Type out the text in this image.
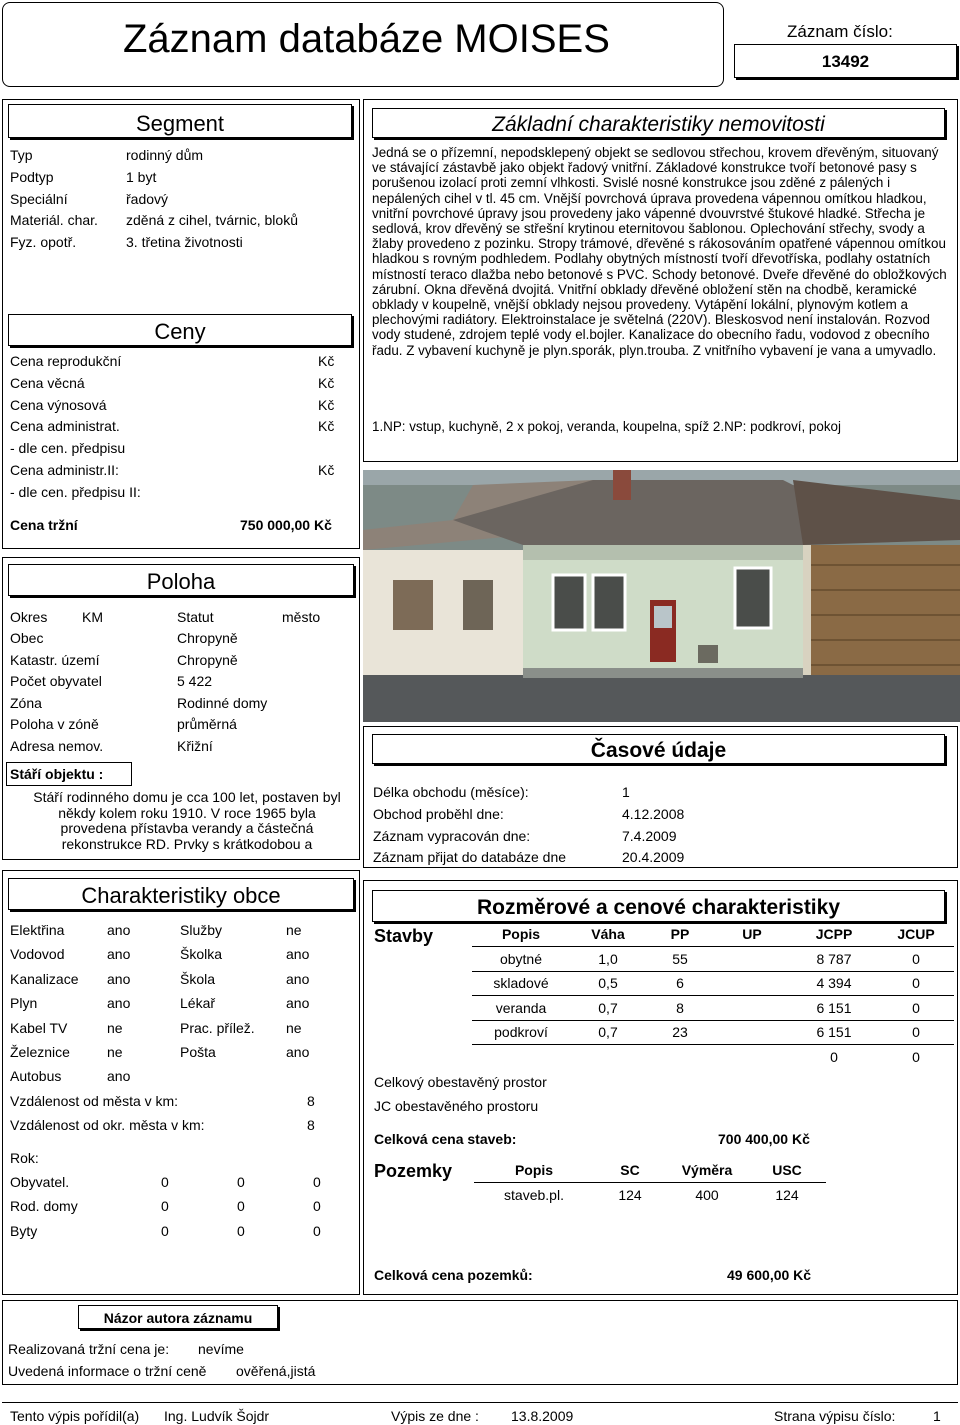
Záznam databáze MOISES	Záznam číslo:
13492
Segment
Typ	rodinný dům
Podtyp	1 byt
Speciální	řadový
Materiál. char. zděná z cihel, tvárnic, bloků
Fyz. opotř.	3. třetina životnosti
Ceny
Cena reprodukční	Kč
Cena věcná	Kč
Cena výnosová	Kč
Cena administrat.	Kč
- dle cen. předpisu
Cena administr.II:	Kč
- dle cen. předpisu II:
Cena tržní	750 000,00 Kč
Základní charakteristiky nemovitosti
Jedná se o přízemní, nepodsklepený objekt se sedlovou střechou, krovem dřevěným, situovaný ve stávající zástavbě jako objekt řadový vnitřní. Základové konstrukce tvoří betonové pasy s porušenou izolací proti zemní vlhkosti. Svislé nosné konstrukce jsou zděné z pálených i nepálených cihel v tl. 45 cm. Vnější povrchová úprava provedena vápennou omítkou hladkou, vnitřní povrchové úpravy jsou provedeny jako vápenné dvouvrstvé štukové hladké. Střecha je sedlová, krov dřevěný se střešní krytinou eternitovou šablonou. Oplechování střechy, svody a žlaby provedeno z pozinku. Stropy trámové, dřevěné s rákosováním opatřené vápennou omítkou hladkou s rovným podhledem. Podlahy obytných místností tvoří dřevotříska, podlahy ostatních místností teraco dlažba nebo betonové s PVC. Schody betonové. Dveře dřevěné do obložkových zárubní. Okna dřevěná dvojitá. Vnitřní obklady dřevěné obložení stěn na chodbě, keramické obklady v koupelně, vnější obklady nejsou provedeny. Vytápění lokální, plynovým kotlem a plechovými radiátory. Elektroinstalace je světelná (220V). Bleskosvod není instalován. Rozvod vody studené, zdrojem teplé vody el.bojler. Kanalizace do obecního řadu, vodovod z obecního řadu. Z vybavení kuchyně je plyn.sporák, plyn.trouba. Z vnitřního vybavení je vana a umyvadlo.
1.NP: vstup, kuchyně, 2 x pokoj, veranda, koupelna, spíž 2.NP: podkroví, pokoj
Poloha
Okres KM	Statut	město
Obec	Chropyně
Katastr. území	Chropyně
Počet obyvatel	5 422
Zóna	Rodinné domy
Poloha v zóně	průměrná
Adresa nemov.	Křižní
Stáří objektu :
Stáří rodinného domu je cca 100 let, postaven byl někdy kolem roku 1910. V roce 1965 byla provedena přístavba verandy a částečná rekonstrukce RD. Prvky s krátkodobou a
Časové údaje
Délka obchodu (měsíce):	1
Obchod proběhl dne:	4.12.2008
Záznam vypracován dne:	7.4.2009
Záznam přijat do databáze dne	20.4.2009
Charakteristiky obce
Elektřina	ano	Služby	ne
Vodovod	ano	Školka	ano
Kanalizace ano	Škola	ano
Plyn	ano	Lékař	ano
Kabel TV	ne	Prac. přílež. ne
Železnice	ne	Pošta	ano
Autobus	ano
Vzdálenost od města v km:	8
Vzdálenost od okr. města v km:	8
Rok:
Obyvatel.	0	0	0
Rod. domy	0	0	0
Byty	0	0	0
Rozměrové a cenové charakteristiky
Stavby	Popis	Váha	PP	UP	JCPP	JCUP
obytné	1,0	55		8 787	0
skladové	0,5	6		4 394	0
veranda	0,7	8		6 151	0
podkroví	0,7	23		6 151	0
				0	0
Celkový obestavěný prostor
JC obestavěného prostoru
Celková cena staveb:	700 400,00 Kč
Pozemky	Popis	SC	Výměra	USC
staveb.pl.	124	400	124
Celková cena pozemků:	49 600,00 Kč
Názor autora záznamu
Realizovaná tržní cena je: nevíme
Uvedená informace o tržní ceně ověřená,jistá
Tento výpis pořídil(a) Ing. Ludvík Šojdr	Výpis ze dne : 13.8.2009	Strana výpisu číslo:	1
